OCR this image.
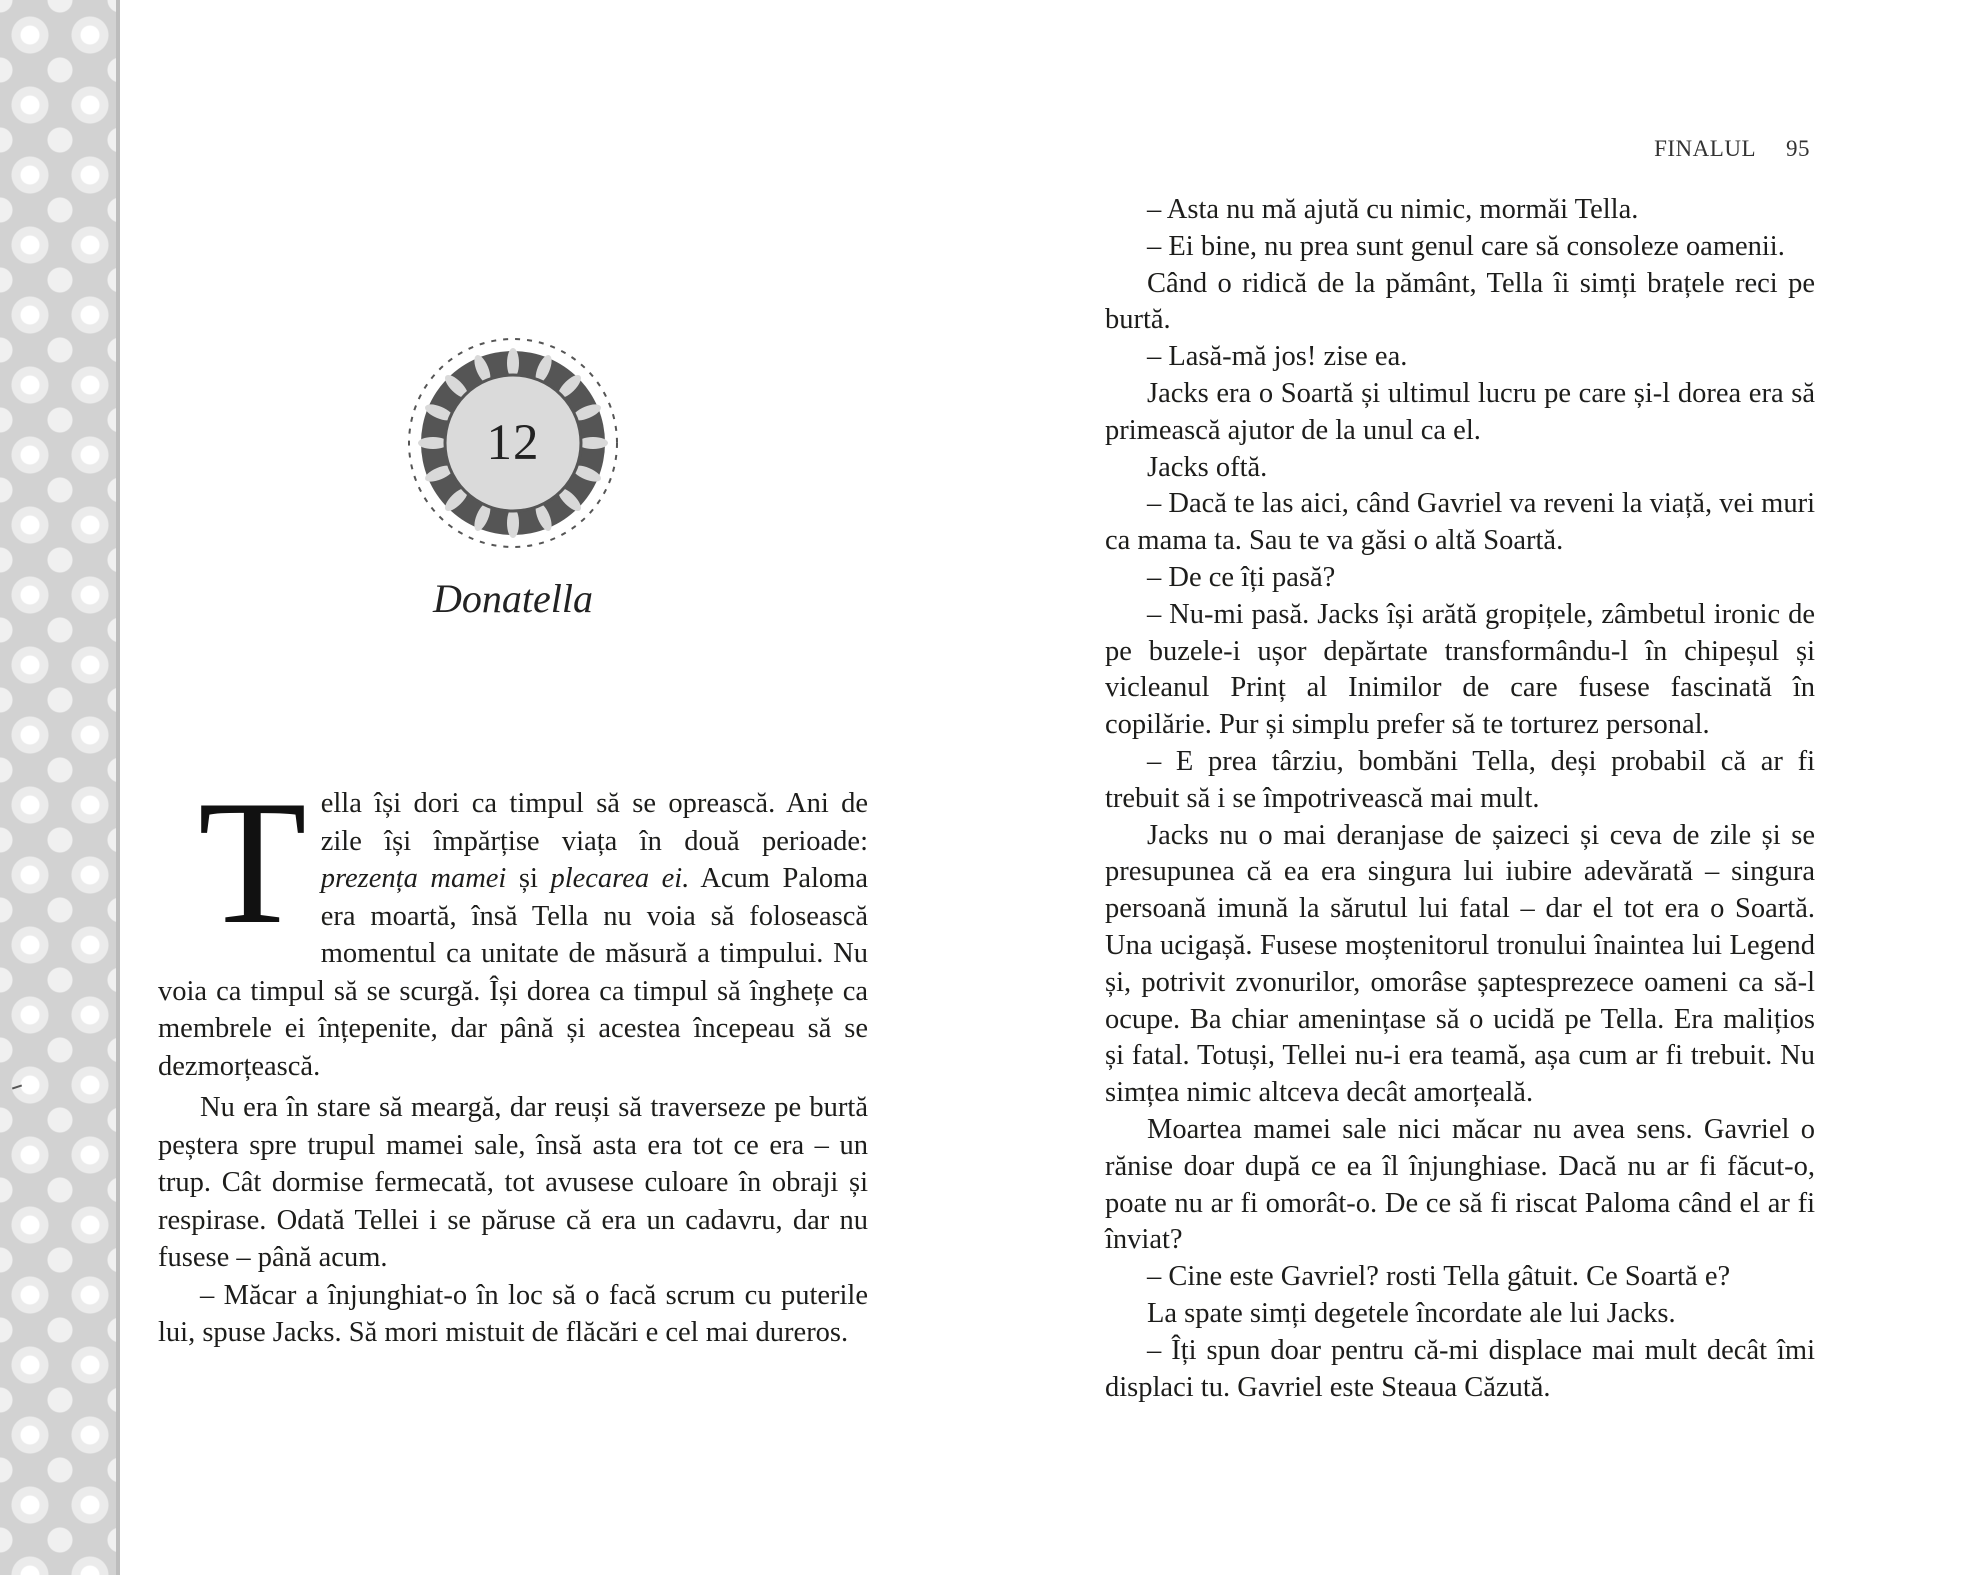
12
Donatella
FINALUL 95

Tella își dori ca timpul să se oprească. Ani de zile își împărțise viața în două perioade: prezența mamei și plecarea ei. Acum Paloma era moartă, însă Tella nu voia să folosească momentul ca unitate de măsură a timpului. Nu voia ca timpul să se scurgă. Își dorea ca timpul să înghețe ca membrele ei înțepenite, dar până și acestea începeau să se dezmorțească.

Nu era în stare să meargă, dar reuși să traverseze pe burtă peștera spre trupul mamei sale, însă asta era tot ce era – un trup. Cât dormise fermecată, tot avusese culoare în obraji și respirase. Odată Tellei i se păruse că era un cadavru, dar nu fusese – până acum.

– Măcar a înjunghiat-o în loc să o facă scrum cu puterile lui, spuse Jacks. Să mori mistuit de flăcări e cel mai dureros.

– Asta nu mă ajută cu nimic, mormăi Tella.

– Ei bine, nu prea sunt genul care să consoleze oamenii.

Când o ridică de la pământ, Tella îi simți brațele reci pe burtă.

– Lasă-mă jos! zise ea.

Jacks era o Soartă și ultimul lucru pe care și-l dorea era să primească ajutor de la unul ca el.

Jacks oftă.

– Dacă te las aici, când Gavriel va reveni la viață, vei muri ca mama ta. Sau te va găsi o altă Soartă.

– De ce îți pasă?

– Nu-mi pasă. Jacks își arătă gropițele, zâmbetul ironic de pe buzele-i ușor depărtate transformându-l în chipeșul și vicleanul Prinț al Inimilor de care fusese fascinată în copilărie. Pur și simplu prefer să te torturez personal.

– E prea târziu, bombăni Tella, deși probabil că ar fi trebuit să i se împotrivească mai mult.

Jacks nu o mai deranjase de șaizeci și ceva de zile și se presupunea că ea era singura lui iubire adevărată – singura persoană imună la sărutul lui fatal – dar el tot era o Soartă. Una ucigașă. Fusese moștenitorul tronului înaintea lui Legend și, potrivit zvonurilor, omorâse șaptesprezece oameni ca să-l ocupe. Ba chiar amenințase să o ucidă pe Tella. Era malițios și fatal. Totuși, Tellei nu-i era teamă, așa cum ar fi trebuit. Nu simțea nimic altceva decât amorțeală.

Moartea mamei sale nici măcar nu avea sens. Gavriel o rănise doar după ce ea îl înjunghiase. Dacă nu ar fi făcut-o, poate nu ar fi omorât-o. De ce să fi riscat Paloma când el ar fi înviat?

– Cine este Gavriel? rosti Tella gâtuit. Ce Soartă e?

La spate simți degetele încordate ale lui Jacks.

– Îți spun doar pentru că-mi displace mai mult decât îmi displaci tu. Gavriel este Steaua Căzută.
